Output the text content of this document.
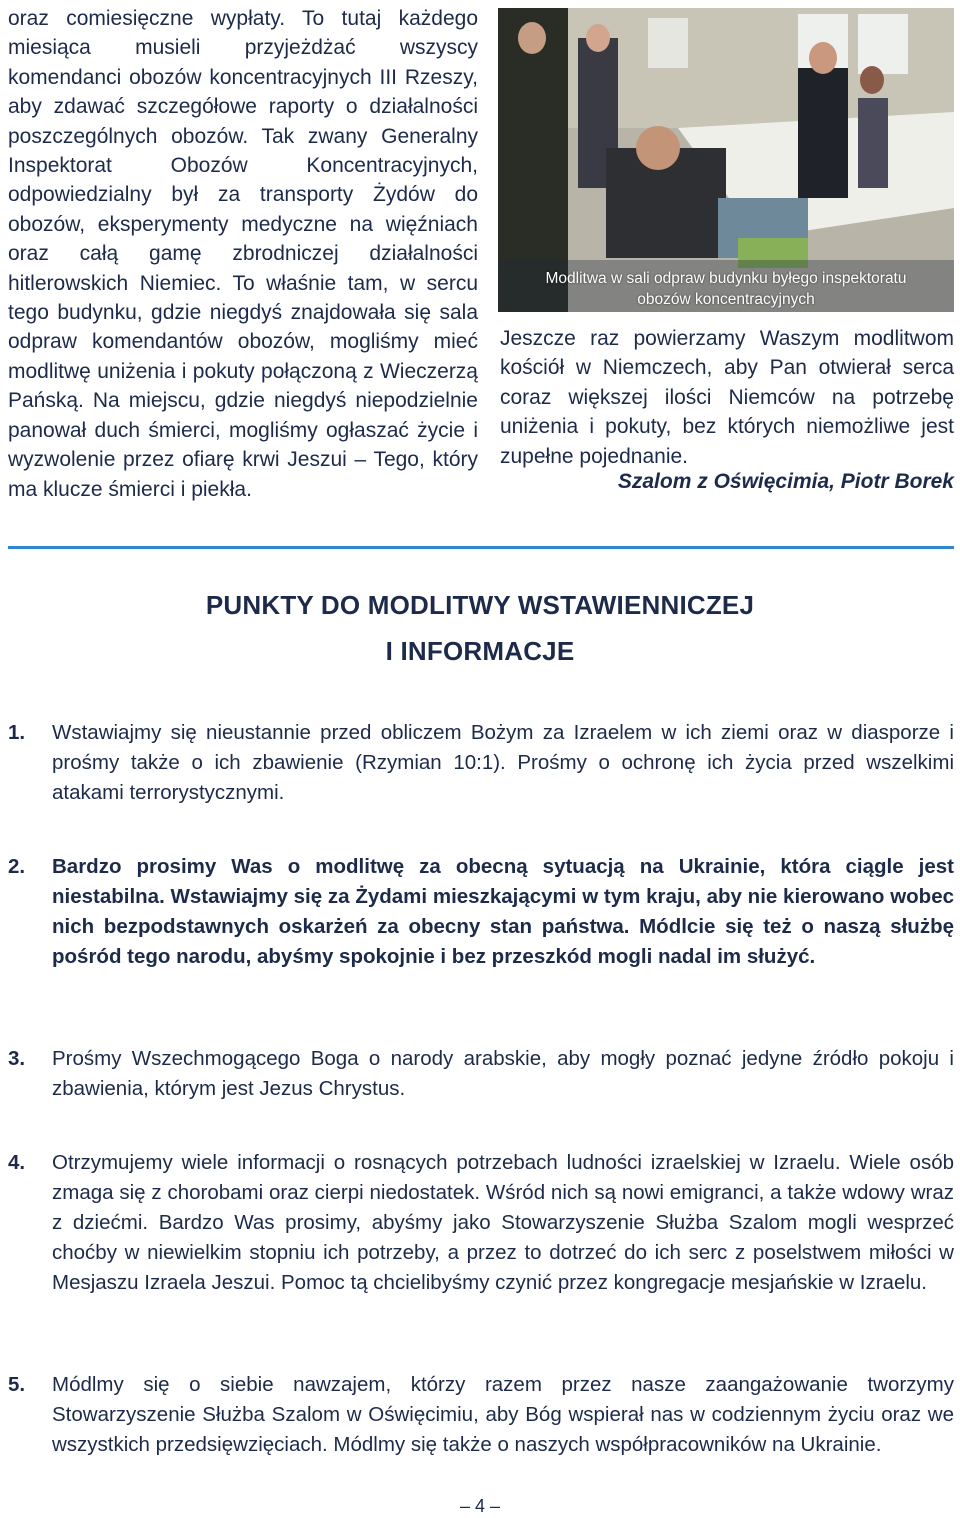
oraz comiesięczne wypłaty. To tutaj każdego miesiąca musieli przyjeżdżać wszyscy komendanci obozów koncentracyjnych III Rzeszy, aby zdawać szczegółowe raporty o działalności poszczególnych obozów. Tak zwany Generalny Inspektorat Obozów Koncentracyjnych, odpowiedzialny był za transporty Żydów do obozów, eksperymenty medyczne na więźniach oraz całą gamę zbrodniczej działalności hitlerowskich Niemiec. To właśnie tam, w sercu tego budynku, gdzie niegdyś znajdowała się sala odpraw komendantów obozów, mogliśmy mieć modlitwę uniżenia i pokuty połączoną z Wieczerzą Pańską. Na miejscu, gdzie niegdyś niepodzielnie panował duch śmierci, mogliśmy ogłaszać życie i wyzwolenie przez ofiarę krwi Jeszui – Tego, który ma klucze śmierci i piekła.

Modlitwa w sali odpraw budynku byłego inspektoratu
obozów koncentracyjnych

Jeszcze raz powierzamy Waszym modlitwom kościół w Niemczech, aby Pan otwierał serca coraz większej ilości Niemców na potrzebę uniżenia i pokuty, bez których niemożliwe jest zupełne pojednanie.

Szalom z Oświęcimia, Piotr Borek
PUNKTY DO MODLITWY WSTAWIENNICZEJ
I INFORMACJE
1.	Wstawiajmy się nieustannie przed obliczem Bożym za Izraelem w ich ziemi oraz w diasporze i prośmy także o ich zbawienie (Rzymian 10:1). Prośmy o ochronę ich życia przed wszelkimi atakami terrorystycznymi.
2.	Bardzo prosimy Was o modlitwę za obecną sytuacją na Ukrainie, która ciągle jest niestabilna. Wstawiajmy się za Żydami mieszkającymi w tym kraju, aby nie kierowano wobec nich bezpodstawnych oskarżeń za obecny stan państwa. Módlcie się też o naszą służbę pośród tego narodu, abyśmy spokojnie i bez przeszkód mogli nadal im służyć.
3.	Prośmy Wszechmogącego Boga o narody arabskie, aby mogły poznać jedyne źródło pokoju i zbawienia, którym jest Jezus Chrystus.
4.	Otrzymujemy wiele informacji o rosnących potrzebach ludności izraelskiej w Izraelu. Wiele osób zmaga się z chorobami oraz cierpi niedostatek. Wśród nich są nowi emigranci, a także wdowy wraz z dziećmi. Bardzo Was prosimy, abyśmy jako Stowarzyszenie Służba Szalom mogli wesprzeć choćby w niewielkim stopniu ich potrzeby, a przez to dotrzeć do ich serc z poselstwem miłości w Mesjaszu Izraela Jeszui. Pomoc tą chcielibyśmy czynić przez kongregacje mesjańskie w Izraelu.
5.	Módlmy się o siebie nawzajem, którzy razem przez nasze zaangażowanie tworzymy Stowarzyszenie Służba Szalom w Oświęcimiu, aby Bóg wspierał nas w codziennym życiu oraz we wszystkich przedsięwzięciach. Módlmy się także o naszych współpracowników na Ukrainie.
– 4 –
